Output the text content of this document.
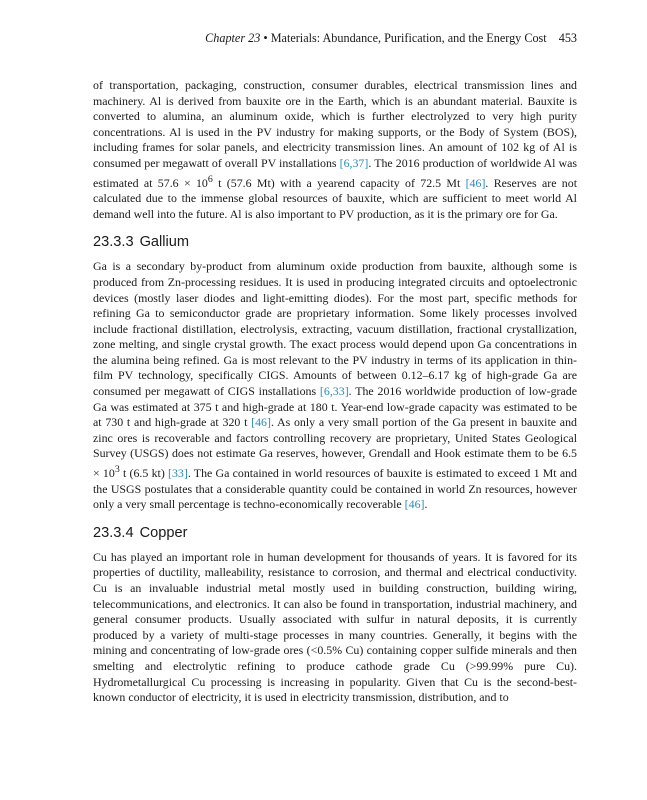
Chapter 23 • Materials: Abundance, Purification, and the Energy Cost 453

of transportation, packaging, construction, consumer durables, electrical transmission lines and machinery. Al is derived from bauxite ore in the Earth, which is an abundant material. Bauxite is converted to alumina, an aluminum oxide, which is further electrolyzed to very high purity concentrations. Al is used in the PV industry for making supports, or the Body of System (BOS), including frames for solar panels, and electricity transmission lines. An amount of 102 kg of Al is consumed per megawatt of overall PV installations [6,37]. The 2016 production of worldwide Al was estimated at $57.6 \times 10^6$ t (57.6 Mt) with a yearend capacity of 72.5 Mt [46]. Reserves are not calculated due to the immense global resources of bauxite, which are sufficient to meet world Al demand well into the future. Al is also important to PV production, as it is the primary ore for Ga.

23.3.3 Gallium

Ga is a secondary by-product from aluminum oxide production from bauxite, although some is produced from Zn-processing residues. It is used in producing integrated circuits and optoelectronic devices (mostly laser diodes and light-emitting diodes). For the most part, specific methods for refining Ga to semiconductor grade are proprietary information. Some likely processes involved include fractional distillation, electrolysis, extracting, vacuum distillation, fractional crystallization, zone melting, and single crystal growth. The exact process would depend upon Ga concentrations in the alumina being refined. Ga is most relevant to the PV industry in terms of its application in thin-film PV technology, specifically CIGS. Amounts of between 0.12–6.17 kg of high-grade Ga are consumed per megawatt of CIGS installations [6,33]. The 2016 worldwide production of low-grade Ga was estimated at 375 t and high-grade at 180 t. Year-end low-grade capacity was estimated to be at 730 t and high-grade at 320 t [46]. As only a very small portion of the Ga present in bauxite and zinc ores is recoverable and factors controlling recovery are proprietary, United States Geological Survey (USGS) does not estimate Ga reserves, however, Grendall and Hook estimate them to be $6.5 \times 10^3$ t (6.5 kt) [33]. The Ga contained in world resources of bauxite is estimated to exceed 1 Mt and the USGS postulates that a considerable quantity could be contained in world Zn resources, however only a very small percentage is techno-economically recoverable [46].

23.3.4 Copper

Cu has played an important role in human development for thousands of years. It is favored for its properties of ductility, malleability, resistance to corrosion, and thermal and electrical conductivity. Cu is an invaluable industrial metal mostly used in building construction, building wiring, telecommunications, and electronics. It can also be found in transportation, industrial machinery, and general consumer products. Usually associated with sulfur in natural deposits, it is currently produced by a variety of multi-stage processes in many countries. Generally, it begins with the mining and concentrating of low-grade ores (<0.5% Cu) containing copper sulfide minerals and then smelting and electrolytic refining to produce cathode grade Cu (>99.99% pure Cu). Hydrometallurgical Cu processing is increasing in popularity. Given that Cu is the second-best-known conductor of electricity, it is used in electricity transmission, distribution, and to
